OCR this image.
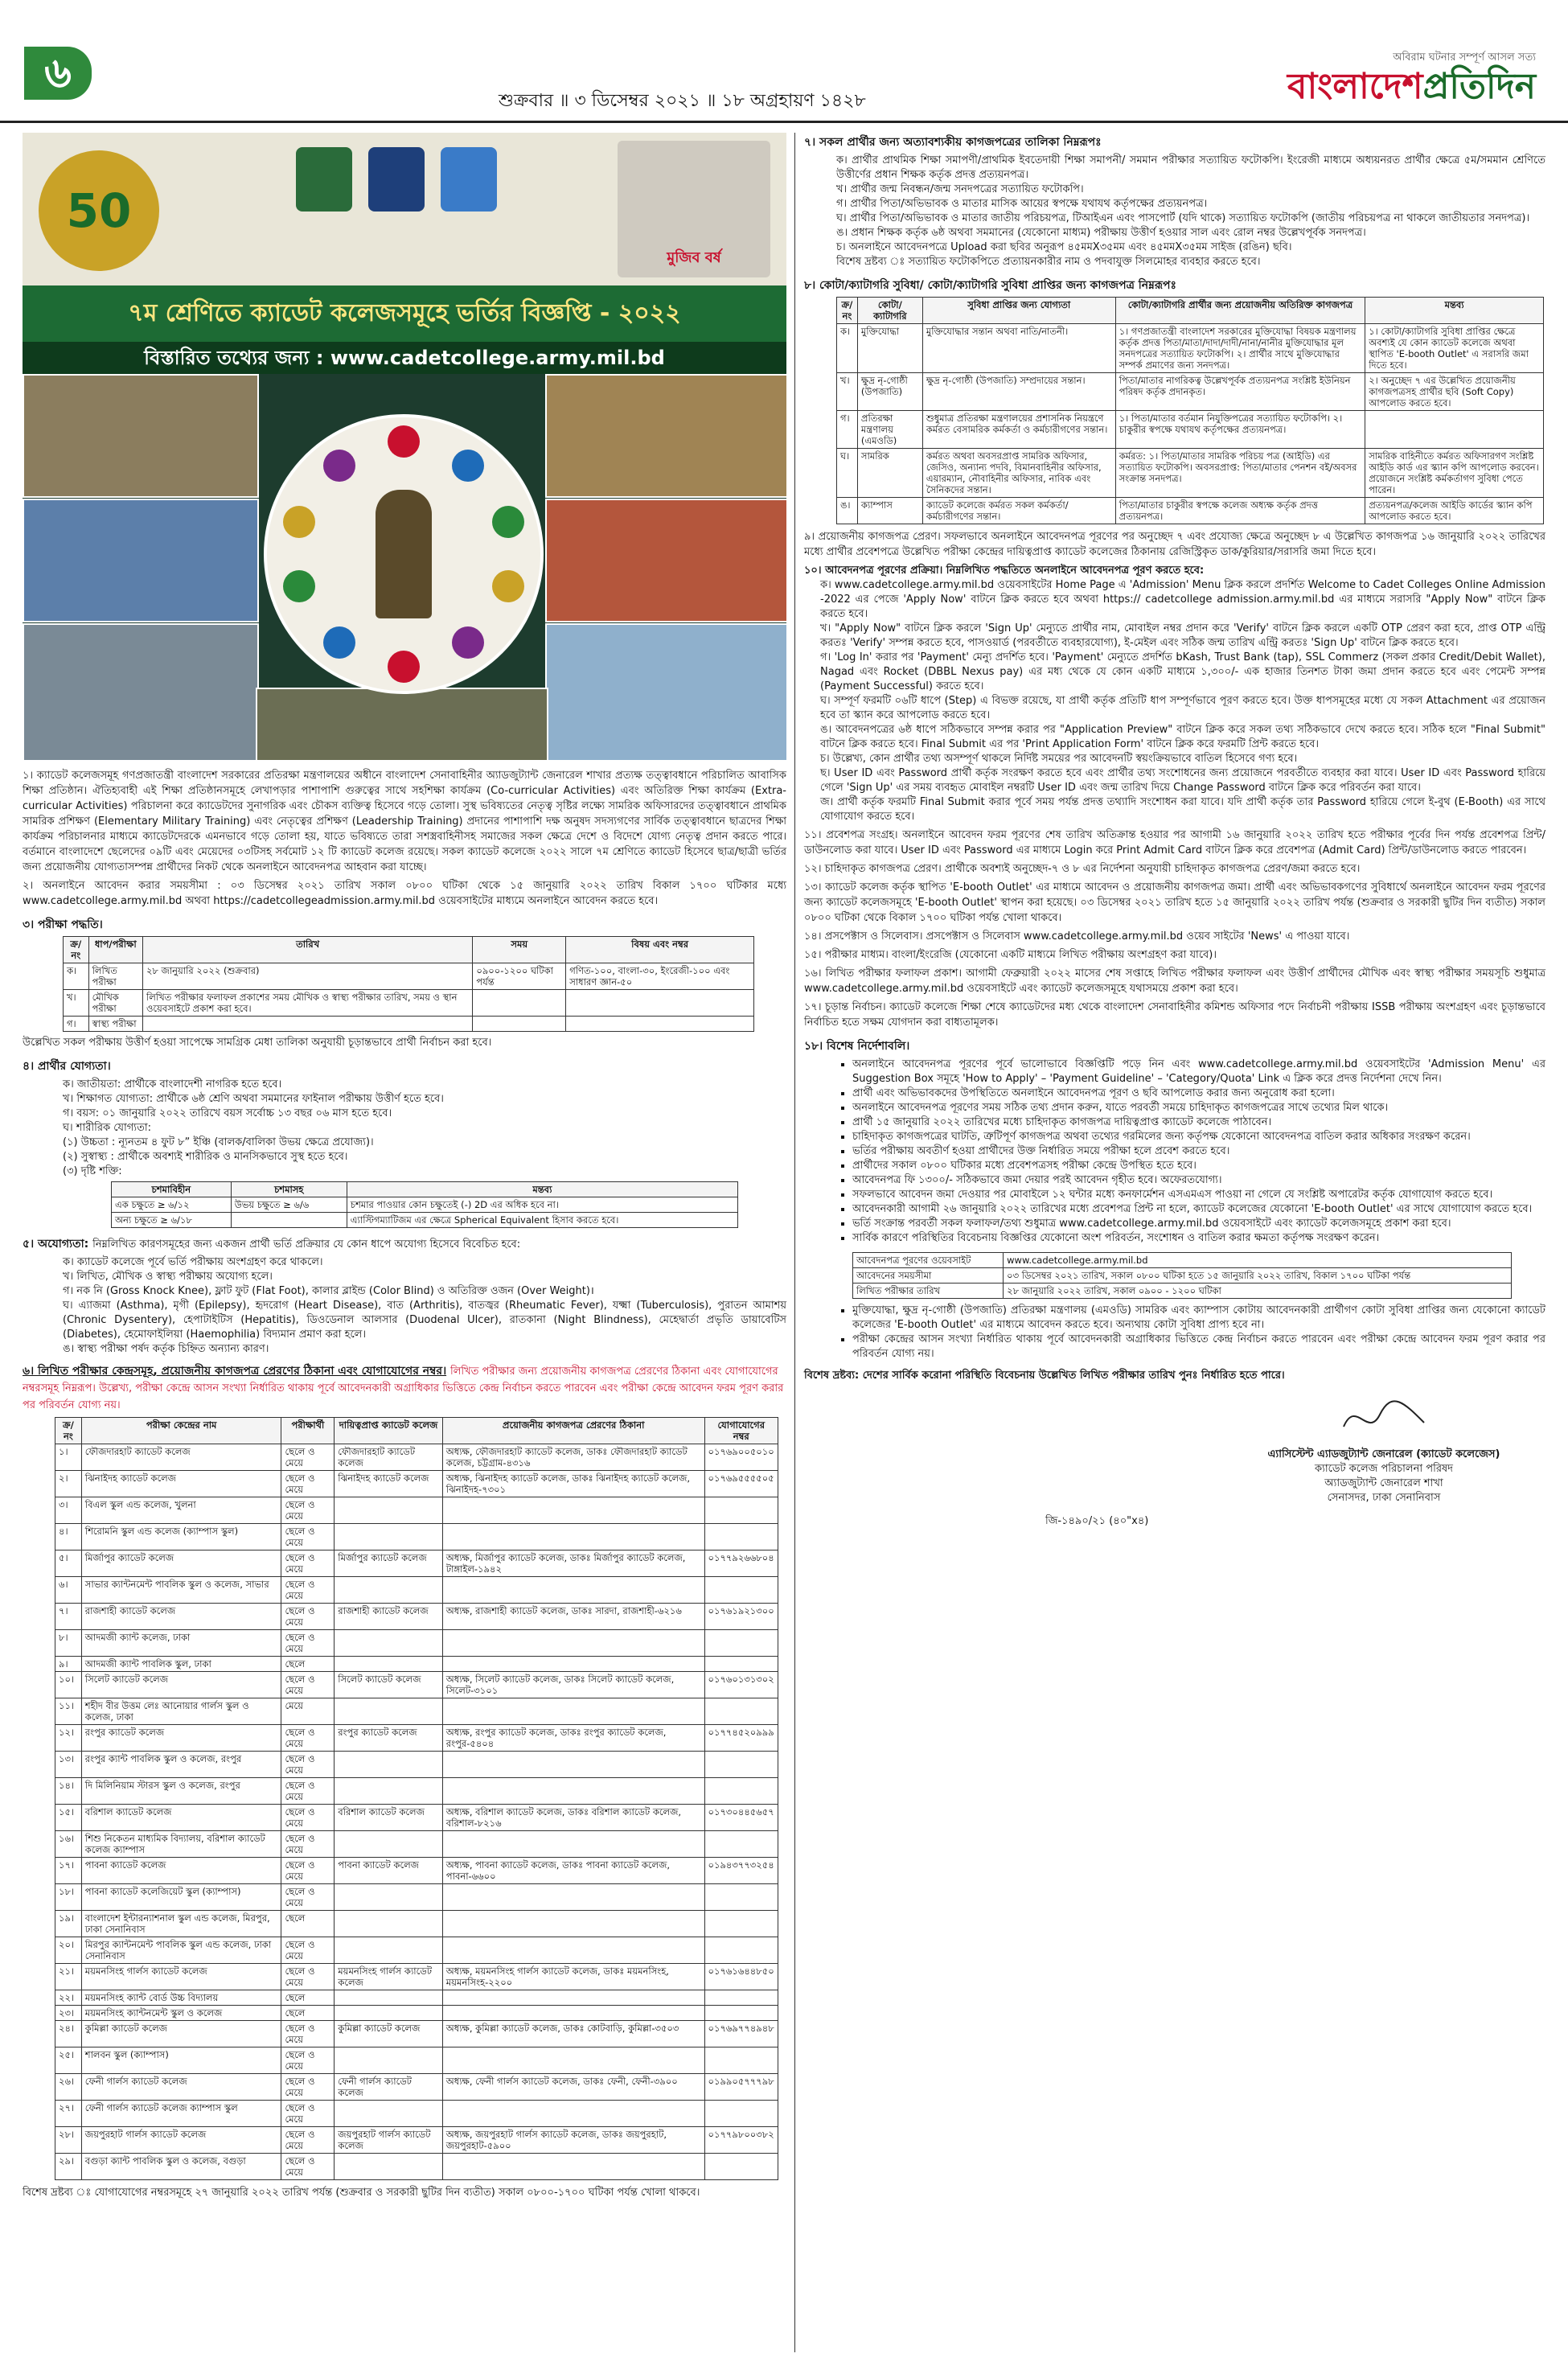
৬
শুক্রবার ॥ ৩ ডিসেম্বর ২০২১ ॥ ১৮ অগ্রহায়ণ ১৪২৮
অবিরাম ঘটনার সম্পূর্ণ আসল সত্য
বাংলাদেশপ্রতিদিন
50
মুজিব বর্ষ
৭ম শ্রেণিতে ক্যাডেট কলেজসমূহে ভর্তির বিজ্ঞপ্তি - ২০২২
বিস্তারিত তথ্যের জন্য : www.cadetcollege.army.mil.bd

১। ক্যাডেট কলেজসমূহ গণপ্রজাতন্ত্রী বাংলাদেশ সরকারের প্রতিরক্ষা মন্ত্রণালয়ের অধীনে বাংলাদেশ সেনাবাহিনীর অ্যাডজুট্যান্ট জেনারেল শাখার প্রত্যক্ষ তত্ত্বাবধানে পরিচালিত আবাসিক শিক্ষা প্রতিষ্ঠান। ঐতিহ্যবাহী এই শিক্ষা প্রতিষ্ঠানসমূহে লেখাপড়ার পাশাপাশি গুরুত্বের সাথে সহশিক্ষা কার্যক্রম (Co-curricular Activities) এবং অতিরিক্ত শিক্ষা কার্যক্রম (Extra-curricular Activities) পরিচালনা করে ক্যাডেটদের সুনাগরিক এবং চৌকস ব্যক্তিত্ব হিসেবে গড়ে তোলা। সুস্থ ভবিষ্যতের নেতৃত্ব সৃষ্টির লক্ষ্যে সামরিক অফিসারদের তত্ত্বাবধানে প্রাথমিক সামরিক প্রশিক্ষণ (Elementary Military Training) এবং নেতৃত্বের প্রশিক্ষণ (Leadership Training) প্রদানের পাশাপাশি দক্ষ অনুষদ সদস্যগণের সার্বিক তত্ত্বাবধানে ছাত্রদের শিক্ষা কার্যক্রম পরিচালনার মাধ্যমে ক্যাডেটদেরকে এমনভাবে গড়ে তোলা হয়, যাতে ভবিষ্যতে তারা সশস্ত্রবাহিনীসহ সমাজের সকল ক্ষেত্রে দেশে ও বিদেশে যোগ্য নেতৃত্ব প্রদান করতে পারে। বর্তমানে বাংলাদেশে ছেলেদের ০৯টি এবং মেয়েদের ০৩টিসহ সর্বমোট ১২ টি ক্যাডেট কলেজ রয়েছে। সকল ক্যাডেট কলেজে ২০২২ সালে ৭ম শ্রেণিতে ক্যাডেট হিসেবে ছাত্র/ছাত্রী ভর্তির জন্য প্রয়োজনীয় যোগ্যতাসম্পন্ন প্রার্থীদের নিকট থেকে অনলাইনে আবেদনপত্র আহবান করা যাচ্ছে।

২। অনলাইনে আবেদন করার সময়সীমা : ০৩ ডিসেম্বর ২০২১ তারিখ সকাল ০৮০০ ঘটিকা থেকে ১৫ জানুয়ারি ২০২২ তারিখ বিকাল ১৭০০ ঘটিকার মধ্যে www.cadetcollege.army.mil.bd অথবা https://cadetcollegeadmission.army.mil.bd ওয়েবসাইটের মাধ্যমে অনলাইনে আবেদন করতে হবে।

৩। পরীক্ষা পদ্ধতি।
ক্র/নং	ধাপ/পরীক্ষা	তারিখ	সময়	বিষয় এবং নম্বর
ক।	লিখিত পরীক্ষা	২৮ জানুয়ারি ২০২২ (শুক্রবার)	০৯০০-১২০০ ঘটিকা পর্যন্ত	গণিত-১০০, বাংলা-৩০, ইংরেজী-১০০ এবং সাধারণ জ্ঞান-৫০
খ।	মৌখিক পরীক্ষা	লিখিত পরীক্ষার ফলাফল প্রকাশের সময় মৌখিক ও স্বাস্থ্য পরীক্ষার তারিখ, সময় ও স্থান ওয়েবসাইটে প্রকাশ করা হবে।		
গ।	স্বাস্থ্য পরীক্ষা			

উল্লেখিত সকল পরীক্ষায় উত্তীর্ণ হওয়া সাপেক্ষে সামগ্রিক মেধা তালিকা অনুযায়ী চূড়ান্তভাবে প্রার্থী নির্বাচন করা হবে।

৪। প্রার্থীর যোগ্যতা।
ক। জাতীয়তা: প্রার্থীকে বাংলাদেশী নাগরিক হতে হবে।
খ। শিক্ষাগত যোগ্যতা: প্রার্থীকে ৬ষ্ঠ শ্রেণি অথবা সমমানের ফাইনাল পরীক্ষায় উত্তীর্ণ হতে হবে।
গ। বয়স: ০১ জানুয়ারি ২০২২ তারিখে বয়স সর্বোচ্চ ১৩ বছর ০৬ মাস হতে হবে।
ঘ। শারীরিক যোগ্যতা:
(১) উচ্চতা : ন্যূনতম ৪ ফুট ৮ˮ ইঞ্চি (বালক/বালিকা উভয় ক্ষেত্রে প্রযোজ্য)।
(২) সুস্বাস্থ্য : প্রার্থীকে অবশ্যই শারীরিক ও মানসিকভাবে সুস্থ হতে হবে।
(৩) দৃষ্টি শক্তি:
চশমাবিহীন	চশমাসহ	মন্তব্য
এক চক্ষুতে ≥ ৬/১২	উভয় চক্ষুতে ≥ ৬/৬	চশমার পাওয়ার কোন চক্ষুতেই (-) 2D এর অধিক হবে না।
অন্য চক্ষুতে ≥ ৬/১৮		এ্যাস্টিগম্যাটিজম এর ক্ষেত্রে Spherical Equivalent হিসাব করতে হবে।
৫। অযোগ্যতা: নিম্নলিখিত কারণসমূহের জন্য একজন প্রার্থী ভর্তি প্রক্রিয়ার যে কোন ধাপে অযোগ্য হিসেবে বিবেচিত হবে:
ক। ক্যাডেট কলেজে পূর্বে ভর্তি পরীক্ষায় অংশগ্রহণ করে থাকলে।
খ। লিখিত, মৌখিক ও স্বাস্থ্য পরীক্ষায় অযোগ্য হলে।
গ। নক নি (Gross Knock Knee), ফ্লাট ফুট (Flat Foot), কালার ব্লাইন্ড (Color Blind) ও অতিরিক্ত ওজন (Over Weight)।
ঘ। এ্যাজমা (Asthma), মৃগী (Epilepsy), হৃদরোগ (Heart Disease), বাত (Arthritis), বাতজ্বর (Rheumatic Fever), যক্ষ্মা (Tuberculosis), পুরাতন আমাশয় (Chronic Dysentery), হেপাটাইটিস (Hepatitis), ডিওডেনাল আলসার (Duodenal Ulcer), রাতকানা (Night Blindness), মেহেদ্বার্তা প্রভৃতি ডায়াবেটিস (Diabetes), হেমোফাইলিয়া (Haemophilia) বিদ্যমান প্রমাণ করা হলে।
ঙ। স্বাস্থ্য পরীক্ষা পর্ষদ কর্তৃক চিহ্নিত অন্যান্য কারণ।
৬। লিখিত পরীক্ষার কেন্দ্রসমূহ, প্রয়োজনীয় কাগজপত্র প্রেরণের ঠিকানা এবং যোগাযোগের নম্বর। লিখিত পরীক্ষার জন্য প্রয়োজনীয় কাগজপত্র প্রেরণের ঠিকানা এবং যোগাযোগের নম্বরসমূহ নিম্নরূপ। উল্লেখ্য, পরীক্ষা কেন্দ্রে আসন সংখ্যা নির্ধারিত থাকায় পূর্বে আবেদনকারী অগ্রাধিকার ভিত্তিতে কেন্দ্র নির্বাচন করতে পারবেন এবং পরীক্ষা কেন্দ্রে আবেদন ফরম পূরণ করার পর পরিবর্তন যোগ্য নয়।
ক্র/নং	পরীক্ষা কেন্দ্রের নাম	পরীক্ষার্থী	দায়িত্বপ্রাপ্ত ক্যাডেট কলেজ	প্রয়োজনীয় কাগজপত্র প্রেরণের ঠিকানা	যোগাযোগের নম্বর
১।	ফৌজদারহাট ক্যাডেট কলেজ	ছেলে ও মেয়ে	ফৌজদারহাট ক্যাডেট কলেজ	অধ্যক্ষ, ফৌজদারহাট ক্যাডেট কলেজ, ডাকঃ ফৌজদারহাট ক্যাডেট কলেজ, চট্টগ্রাম-৪৩১৬	০১৭৬৯০০৫০১০
২।	ঝিনাইদহ ক্যাডেট কলেজ	ছেলে ও মেয়ে	ঝিনাইদহ ক্যাডেট কলেজ	অধ্যক্ষ, ঝিনাইদহ ক্যাডেট কলেজ, ডাকঃ ঝিনাইদহ ক্যাডেট কলেজ, ঝিনাইদহ-৭৩০১	০১৭৬৯৫৫৫৫০৫
৩।	বিএল স্কুল এন্ড কলেজ, খুলনা	ছেলে ও মেয়ে			
৪।	শিরোমনি স্কুল এন্ড কলেজ (ক্যাম্পাস স্কুল)	ছেলে ও মেয়ে			
৫।	মির্জাপুর ক্যাডেট কলেজ	ছেলে ও মেয়ে	মির্জাপুর ক্যাডেট কলেজ	অধ্যক্ষ, মির্জাপুর ক্যাডেট কলেজ, ডাকঃ মির্জাপুর ক্যাডেট কলেজ, টাঙ্গাইল-১৯৪২	০১৭৭৯২৬৬৮০৪
৬।	সাভার ক্যান্টনমেন্ট পাবলিক স্কুল ও কলেজ, সাভার	ছেলে ও মেয়ে			
৭।	রাজশাহী ক্যাডেট কলেজ	ছেলে ও মেয়ে	রাজশাহী ক্যাডেট কলেজ	অধ্যক্ষ, রাজশাহী ক্যাডেট কলেজ, ডাকঃ সারদা, রাজশাহী-৬২১৬	০১৭৬১৯২১৩০০
৮।	আদমজী ক্যান্ট কলেজ, ঢাকা	ছেলে ও মেয়ে			
৯।	আদমজী ক্যান্ট পাবলিক স্কুল, ঢাকা	ছেলে			
১০।	সিলেট ক্যাডেট কলেজ	ছেলে ও মেয়ে	সিলেট ক্যাডেট কলেজ	অধ্যক্ষ, সিলেট ক্যাডেট কলেজ, ডাকঃ সিলেট ক্যাডেট কলেজ, সিলেট-৩১০১	০১৭৬০১৩১৩০২
১১।	শহীদ বীর উত্তম লেঃ আনোয়ার গার্লস স্কুল ও কলেজ, ঢাকা	মেয়ে			
১২।	রংপুর ক্যাডেট কলেজ	ছেলে ও মেয়ে	রংপুর ক্যাডেট কলেজ	অধ্যক্ষ, রংপুর ক্যাডেট কলেজ, ডাকঃ রংপুর ক্যাডেট কলেজ, রংপুর-৫৪০৪	০১৭৭৪৫২০৯৯৯
১৩।	রংপুর ক্যান্ট পাবলিক স্কুল ও কলেজ, রংপুর	ছেলে ও মেয়ে			
১৪।	দি মিলিনিয়াম স্টারস স্কুল ও কলেজ, রংপুর	ছেলে ও মেয়ে			
১৫।	বরিশাল ক্যাডেট কলেজ	ছেলে ও মেয়ে	বরিশাল ক্যাডেট কলেজ	অধ্যক্ষ, বরিশাল ক্যাডেট কলেজ, ডাকঃ বরিশাল ক্যাডেট কলেজ, বরিশাল-৮২১৬	০১৭৩০৪৪৫৬৫৭
১৬।	শিশু নিকেতন মাধ্যমিক বিদ্যালয়, বরিশাল ক্যাডেট কলেজ ক্যাম্পাস	ছেলে ও মেয়ে			
১৭।	পাবনা ক্যাডেট কলেজ	ছেলে ও মেয়ে	পাবনা ক্যাডেট কলেজ	অধ্যক্ষ, পাবনা ক্যাডেট কলেজ, ডাকঃ পাবনা ক্যাডেট কলেজ, পাবনা-৬৬০০	০১৯৪৩৭৭৩২৫৪
১৮।	পাবনা ক্যাডেট কলেজিয়েট স্কুল (ক্যাম্পাস)	ছেলে ও মেয়ে			
১৯।	বাংলাদেশ ইন্টারন্যাশনাল স্কুল এন্ড কলেজ, মিরপুর, ঢাকা সেনানিবাস	ছেলে			
২০।	মিরপুর ক্যান্টনমেন্ট পাবলিক স্কুল এন্ড কলেজ, ঢাকা সেনানিবাস	ছেলে ও মেয়ে			
২১।	ময়মনসিংহ গার্লস ক্যাডেট কলেজ	ছেলে ও মেয়ে	ময়মনসিংহ গার্লস ক্যাডেট কলেজ	অধ্যক্ষ, ময়মনসিংহ গার্লস ক্যাডেট কলেজ, ডাকঃ ময়মনসিংহ, ময়মনসিংহ-২২০০	০১৭৬১৬৪৪৮৫০
২২।	ময়মনসিংহ ক্যান্ট বোর্ড উচ্চ বিদ্যালয়	ছেলে			
২৩।	ময়মনসিংহ ক্যান্টনমেন্ট স্কুল ও কলেজ	ছেলে			
২৪।	কুমিল্লা ক্যাডেট কলেজ	ছেলে ও মেয়ে	কুমিল্লা ক্যাডেট কলেজ	অধ্যক্ষ, কুমিল্লা ক্যাডেট কলেজ, ডাকঃ কোটবাড়ি, কুমিল্লা-৩৫০৩	০১৭৬৯৭৭৪৯৪৮
২৫।	শালবন স্কুল (ক্যাম্পাস)	ছেলে ও মেয়ে			
২৬।	ফেনী গার্লস ক্যাডেট কলেজ	ছেলে ও মেয়ে	ফেনী গার্লস ক্যাডেট কলেজ	অধ্যক্ষ, ফেনী গার্লস ক্যাডেট কলেজ, ডাকঃ ফেনী, ফেনী-৩৯০০	০১৯৯০৫৭৭৭৯৮
২৭।	ফেনী গার্লস ক্যাডেট কলেজ ক্যাম্পাস স্কুল	ছেলে ও মেয়ে			
২৮।	জয়পুরহাট গার্লস ক্যাডেট কলেজ	ছেলে ও মেয়ে	জয়পুরহাট গার্লস ক্যাডেট কলেজ	অধ্যক্ষ, জয়পুরহাট গার্লস ক্যাডেট কলেজ, ডাকঃ জয়পুরহাট, জয়পুরহাট-৫৯০০	০১৭৭৯৮০০৩৮২
২৯।	বগুড়া ক্যান্ট পাবলিক স্কুল ও কলেজ, বগুড়া	ছেলে ও মেয়ে			

বিশেষ দ্রষ্টব্য ঃ যোগাযোগের নম্বরসমূহে ২৭ জানুয়ারি ২০২২ তারিখ পর্যন্ত (শুক্রবার ও সরকারী ছুটির দিন ব্যতীত) সকাল ০৮০০-১৭০০ ঘটিকা পর্যন্ত খোলা থাকবে।

৭। সকল প্রার্থীর জন্য অত্যাবশ্যকীয় কাগজপত্রের তালিকা নিম্নরূপঃ
ক। প্রার্থীর প্রাথমিক শিক্ষা সমাপণী/প্রাথমিক ইবতেদায়ী শিক্ষা সমাপনী/ সমমান পরীক্ষার সত্যায়িত ফটোকপি। ইংরেজী মাধ্যমে অধ্যয়নরত প্রার্থীর ক্ষেত্রে ৫ম/সমমান শ্রেণিতে উত্তীর্ণের প্রধান শিক্ষক কর্তৃক প্রদত্ত প্রত্যয়নপত্র।
খ। প্রার্থীর জন্ম নিবন্ধন/জন্ম সনদপত্রের সত্যায়িত ফটোকপি।
গ। প্রার্থীর পিতা/অভিভাবক ও মাতার মাসিক আয়ের স্বপক্ষে যথাযথ কর্তৃপক্ষের প্রত্যয়নপত্র।
ঘ। প্রার্থীর পিতা/অভিভাবক ও মাতার জাতীয় পরিচয়পত্র, টিআইএন এবং পাসপোর্ট (যদি থাকে) সত্যায়িত ফটোকপি (জাতীয় পরিচয়পত্র না থাকলে জাতীয়তার সনদপত্র)।
ঙ। প্রধান শিক্ষক কর্তৃক ৬ষ্ঠ অথবা সমমানের (যেকোনো মাধ্যম) পরীক্ষায় উত্তীর্ণ হওয়ার সাল এবং রোল নম্বর উল্লেখপূর্বক সনদপত্র।
চ। অনলাইনে আবেদনপত্রে Upload করা ছবির অনুরূপ ৪৫মমX৩৫মম এবং ৪৫মমX৩৫মম সাইজ (রঙিন) ছবি।
বিশেষ দ্রষ্টব্য ঃ সত্যায়িত ফটোকপিতে প্রত্যায়নকারীর নাম ও পদবাযুক্ত সিলমোহর ব্যবহার করতে হবে।
৮। কোটা/ক্যাটাগরি সুবিধা/ কোটা/ক্যাটাগরি সুবিধা প্রাপ্তির জন্য কাগজপত্র নিম্নরূপঃ
ক্র/নং	কোটা/ ক্যাটাগরি	সুবিধা প্রাপ্তির জন্য যোগ্যতা	কোটা/ক্যাটাগরি প্রার্থীর জন্য প্রয়োজনীয় অতিরিক্ত কাগজপত্র	মন্তব্য
ক।	মুক্তিযোদ্ধা	মুক্তিযোদ্ধার সন্তান অথবা নাতি/নাতনী।	১। গণপ্রজাতন্ত্রী বাংলাদেশ সরকারের মুক্তিযোদ্ধা বিষয়ক মন্ত্রণালয় কর্তৃক প্রদত্ত পিতা/মাতা/দাদা/দাদী/নানা/নানীর মুক্তিযোদ্ধার মূল সনদপত্রের সত্যায়িত ফটোকপি। ২। প্রার্থীর সাথে মুক্তিযোদ্ধার সম্পর্ক প্রমাণের জন্য সনদপত্র।	১। কোটা/ক্যাটাগরি সুবিধা প্রাপ্তির ক্ষেত্রে অবশ্যই যে কোন ক্যাডেট কলেজে অথবা স্থাপিত 'E-booth Outlet' এ সরাসরি জমা দিতে হবে।
খ।	ক্ষুদ্র নৃ-গোষ্ঠী (উপজাতি)	ক্ষুদ্র নৃ-গোষ্ঠী (উপজাতি) সম্প্রদায়ের সন্তান।	পিতা/মাতার নাগরিকত্ব উল্লেখপূর্বক প্রত্যয়নপত্র সংশ্লিষ্ট ইউনিয়ন পরিষদ কর্তৃক প্রদানকৃত।	২। অনুচ্ছেদ ৭ এর উল্লেখিত প্রয়োজনীয় কাগজপত্রসহ প্রার্থীর ছবি (Soft Copy) আপলোড করতে হবে।
গ।	প্রতিরক্ষা মন্ত্রণালয় (এমওডি)	শুধুমাত্র প্রতিরক্ষা মন্ত্রণালয়ের প্রশাসনিক নিয়ন্ত্রণে কর্মরত বেসামরিক কর্মকর্তা ও কর্মচারীগণের সন্তান।	১। পিতা/মাতার বর্তমান নিযুক্তিপত্রের সত্যায়িত ফটোকপি। ২। চাকুরীর স্বপক্ষে যথাযথ কর্তৃপক্ষের প্রত্যয়নপত্র।	
ঘ।	সামরিক	কর্মরত অথবা অবসরপ্রাপ্ত সামরিক অফিসার, জেসিও, অন্যান্য পদবি, বিমানবাহিনীর অফিসার, এয়ারম্যান, নৌবাহিনীর অফিসার, নাবিক এবং সৈনিকদের সন্তান।	কর্মরত: ১। পিতা/মাতার সামরিক পরিচয় পত্র (আইডি) এর সত্যায়িত ফটোকপি। অবসরপ্রাপ্ত: পিতা/মাতার পেনশন বই/অবসর সংক্রান্ত সনদপত্র।	সামরিক বাহিনীতে কর্মরত অফিসারগণ সংশ্লিষ্ট আইডি কার্ড এর স্ক্যান কপি আপলোড করবেন। প্রয়োজনে সংশ্লিষ্ট কর্মকর্তাগণ সুবিধা পেতে পারেন।
ঙ।	ক্যাম্পাস	ক্যাডেট কলেজে কর্মরত সকল কর্মকর্তা/কর্মচারীগণের সন্তান।	পিতা/মাতার চাকুরীর স্বপক্ষে কলেজ অধ্যক্ষ কর্তৃক প্রদত্ত প্রত্যয়নপত্র।	প্রত্যয়নপত্র/কলেজ আইডি কার্ডের স্ক্যান কপি আপলোড করতে হবে।

৯। প্রয়োজনীয় কাগজপত্র প্রেরণ। সফলভাবে অনলাইনে আবেদনপত্র পূরণের পর অনুচ্ছেদ ৭ এবং প্রযোজ্য ক্ষেত্রে অনুচ্ছেদ ৮ এ উল্লেখিত কাগজপত্র ১৬ জানুয়ারি ২০২২ তারিখের মধ্যে প্রার্থীর প্রবেশপত্রে উল্লেখিত পরীক্ষা কেন্দ্রের দায়িত্বপ্রাপ্ত ক্যাডেট কলেজের ঠিকানায় রেজিস্ট্রিকৃত ডাক/কুরিয়ার/সরাসরি জমা দিতে হবে।

১০। আবেদনপত্র পূরণের প্রক্রিয়া। নিম্নলিখিত পদ্ধতিতে অনলাইনে আবেদনপত্র পূরণ করতে হবে:

ক। www.cadetcollege.army.mil.bd ওয়েবসাইটের Home Page এ 'Admission' Menu ক্লিক করলে প্রদর্শিত Welcome to Cadet Colleges Online Admission -2022 এর পেজে 'Apply Now' বাটনে ক্লিক করতে হবে অথবা https:// cadetcollege admission.army.mil.bd এর মাধ্যমে সরাসরি "Apply Now" বাটনে ক্লিক করতে হবে।
খ। "Apply Now" বাটনে ক্লিক করলে 'Sign Up' মেন্যুতে প্রার্থীর নাম, মোবাইল নম্বর প্রদান করে 'Verify' বাটনে ক্লিক করলে একটি OTP প্রেরণ করা হবে, প্রাপ্ত OTP এন্ট্রি করতঃ 'Verify' সম্পন্ন করতে হবে, পাসওয়ার্ড (পরবর্তীতে ব্যবহারযোগ্য), ই-মেইল এবং সঠিক জন্ম তারিখ এন্ট্রি করতঃ 'Sign Up' বাটনে ক্লিক করতে হবে।
গ। 'Log In' করার পর 'Payment' মেন্যু প্রদর্শিত হবে। 'Payment' মেন্যুতে প্রদর্শিত bKash, Trust Bank (tap), SSL Commerz (সকল প্রকার Credit/Debit Wallet), Nagad এবং Rocket (DBBL Nexus pay) এর মধ্য থেকে যে কোন একটি মাধ্যমে ১,৩০০/- এক হাজার তিনশত টাকা জমা প্রদান করতে হবে এবং পেমেন্ট সম্পন্ন (Payment Successful) করতে হবে।
ঘ। সম্পূর্ণ ফরমটি ০৬টি ধাপে (Step) এ বিভক্ত রয়েছে, যা প্রার্থী কর্তৃক প্রতিটি ধাপ সম্পূর্ণভাবে পূরণ করতে হবে। উক্ত ধাপসমূহের মধ্যে যে সকল Attachment এর প্রয়োজন হবে তা স্ক্যান করে আপলোড করতে হবে।
ঙ। আবেদনপত্রের ৬ষ্ঠ ধাপে সঠিকভাবে সম্পন্ন করার পর "Application Preview" বাটনে ক্লিক করে সকল তথ্য সঠিকভাবে দেখে করতে হবে। সঠিক হলে "Final Submit" বাটনে ক্লিক করতে হবে। Final Submit এর পর 'Print Application Form' বাটনে ক্লিক করে ফরমটি প্রিন্ট করতে হবে।
চ। উল্লেখ্য, কোন প্রার্থীর তথ্য অসম্পূর্ণ থাকলে নির্দিষ্ট সময়ের পর আবেদনটি স্বয়ংক্রিয়ভাবে বাতিল হিসেবে গণ্য হবে।
ছ। User ID এবং Password প্রার্থী কর্তৃক সংরক্ষণ করতে হবে এবং প্রার্থীর তথ্য সংশোধনের জন্য প্রয়োজনে পরবর্তীতে ব্যবহার করা যাবে। User ID এবং Password হারিয়ে গেলে 'Sign Up' এর সময় ব্যবহৃত মোবাইল নম্বরটি User ID এবং জন্ম তারিখ দিয়ে Change Password বাটনে ক্লিক করে পরিবর্তন করা যাবে।
জ। প্রার্থী কর্তৃক ফরমটি Final Submit করার পূর্বে সময় পর্যন্ত প্রদত্ত তথ্যাদি সংশোধন করা যাবে। যদি প্রার্থী কর্তৃক তার Password হারিয়ে গেলে ই-বুথ (E-Booth) এর সাথে যোগাযোগ করতে হবে।

১১। প্রবেশপত্র সংগ্রহ। অনলাইনে আবেদন ফরম পূরণের শেষ তারিখ অতিক্রান্ত হওয়ার পর আগামী ১৬ জানুয়ারি ২০২২ তারিখ হতে পরীক্ষার পূর্বের দিন পর্যন্ত প্রবেশপত্র প্রিন্ট/ডাউনলোড করা যাবে। User ID এবং Password এর মাধ্যমে Login করে Print Admit Card বাটনে ক্লিক করে প্রবেশপত্র (Admit Card) প্রিন্ট/ডাউনলোড করতে পারবেন।

১২। চাহিদাকৃত কাগজপত্র প্রেরণ। প্রার্থীকে অবশ্যই অনুচ্ছেদ-৭ ও ৮ এর নির্দেশনা অনুযায়ী চাহিদাকৃত কাগজপত্র প্রেরণ/জমা করতে হবে।

১৩। ক্যাডেট কলেজ কর্তৃক স্থাপিত 'E-booth Outlet' এর মাধ্যমে আবেদন ও প্রয়োজনীয় কাগজপত্র জমা। প্রার্থী এবং অভিভাবকগণের সুবিধার্থে অনলাইনে আবেদন ফরম পূরণের জন্য ক্যাডেট কলেজসমূহে 'E-booth Outlet' স্থাপন করা হয়েছে। ০৩ ডিসেম্বর ২০২১ তারিখ হতে ১৫ জানুয়ারি ২০২২ তারিখ পর্যন্ত (শুক্রবার ও সরকারী ছুটির দিন ব্যতীত) সকাল ০৮০০ ঘটিকা থেকে বিকাল ১৭০০ ঘটিকা পর্যন্ত খোলা থাকবে।

১৪। প্রসপেক্টাস ও সিলেবাস। প্রসপেক্টাস ও সিলেবাস www.cadetcollege.army.mil.bd ওয়েব সাইটের 'News' এ পাওয়া যাবে।

১৫। পরীক্ষার মাধ্যম। বাংলা/ইংরেজি (যেকোনো একটি মাধ্যমে লিখিত পরীক্ষায় অংশগ্রহণ করা যাবে)।

১৬। লিখিত পরীক্ষার ফলাফল প্রকাশ। আগামী ফেব্রুয়ারী ২০২২ মাসের শেষ সপ্তাহে লিখিত পরীক্ষার ফলাফল এবং উত্তীর্ণ প্রার্থীদের মৌখিক এবং স্বাস্থ্য পরীক্ষার সময়সূচি শুধুমাত্র www.cadetcollege.army.mil.bd ওয়েবসাইটে এবং ক্যাডেট কলেজসমূহে যথাসময়ে প্রকাশ করা হবে।

১৭। চূড়ান্ত নির্বাচন। ক্যাডেট কলেজে শিক্ষা শেষে ক্যাডেটদের মধ্য থেকে বাংলাদেশ সেনাবাহিনীর কমিশন্ড অফিসার পদে নির্বাচনী পরীক্ষায় ISSB পরীক্ষায় অংশগ্রহণ এবং চূড়ান্তভাবে নির্বাচিত হতে সক্ষম যোগদান করা বাধ্যতামূলক।

১৮। বিশেষ নির্দেশাবলি।
▪ অনলাইনে আবেদনপত্র পূরণের পূর্বে ভালোভাবে বিজ্ঞপ্তিটি পড়ে নিন এবং www.cadetcollege.army.mil.bd ওয়েবসাইটের 'Admission Menu' এর Suggestion Box সমূহে 'How to Apply' – 'Payment Guideline' – 'Category/Quota' Link এ ক্লিক করে প্রদত্ত নির্দেশনা দেখে নিন।
▪ প্রার্থী এবং অভিভাবকদের উপস্থিতিতে অনলাইনে আবেদনপত্র পূরণ ও ছবি আপলোড করার জন্য অনুরোধ করা হলো।
▪ অনলাইনে আবেদনপত্র পূরণের সময় সঠিক তথ্য প্রদান করুন, যাতে পরবর্তী সময়ে চাহিদাকৃত কাগজপত্রের সাথে তথ্যের মিল থাকে।
▪ প্রার্থী ১৫ জানুয়ারি ২০২২ তারিখের মধ্যে চাহিদাকৃত কাগজপত্র দায়িত্বপ্রাপ্ত ক্যাডেট কলেজে পাঠাবেন।
▪ চাহিদাকৃত কাগজপত্রের ঘাটতি, ত্রুটিপূর্ণ কাগজপত্র অথবা তথ্যের গরমিলের জন্য কর্তৃপক্ষ যেকোনো আবেদনপত্র বাতিল করার অধিকার সংরক্ষণ করেন।
▪ ভর্তির পরীক্ষায় অবতীর্ণ হওয়া প্রার্থীদের উক্ত নির্ধারিত সময়ে পরীক্ষা হলে প্রবেশ করতে হবে।
▪ প্রার্থীদের সকাল ০৮০০ ঘটিকার মধ্যে প্রবেশপত্রসহ পরীক্ষা কেন্দ্রে উপস্থিত হতে হবে।
▪ আবেদনপত্র ফি ১৩০০/- সঠিকভাবে জমা দেয়ার পরই আবেদন গৃহীত হবে। অফেরতযোগ্য।
▪ সফলভাবে আবেদন জমা দেওয়ার পর মোবাইলে ১২ ঘন্টার মধ্যে কনফার্মেশন এসএমএস পাওয়া না গেলে যে সংশ্লিষ্ট অপারেটর কর্তৃক যোগাযোগ করতে হবে।
▪ আবেদনকারী আগামী ২৬ জানুয়ারি ২০২২ তারিখের মধ্যে প্রবেশপত্র প্রিন্ট না হলে, ক্যাডেট কলেজের যেকোনো 'E-booth Outlet' এর সাথে যোগাযোগ করতে হবে।
▪ ভর্তি সংক্রান্ত পরবর্তী সকল ফলাফল/তথ্য শুধুমাত্র www.cadetcollege.army.mil.bd ওয়েবসাইটে এবং ক্যাডেট কলেজসমূহে প্রকাশ করা হবে।
▪ সার্বিক কারণে পরিস্থিতির বিবেচনায় বিজ্ঞপ্তির যেকোনো অংশ পরিবর্তন, সংশোধন ও বাতিল করার ক্ষমতা কর্তৃপক্ষ সংরক্ষণ করেন।
আবেদনপত্র পূরণের ওয়েবসাইট	www.cadetcollege.army.mil.bd
আবেদনের সময়সীমা	০৩ ডিসেম্বর ২০২১ তারিখ, সকাল ০৮০০ ঘটিকা হতে ১৫ জানুয়ারি ২০২২ তারিখ, বিকাল ১৭০০ ঘটিকা পর্যন্ত
লিখিত পরীক্ষার তারিখ	২৮ জানুয়ারি ২০২২ তারিখ, সকাল ০৯০০ - ১২০০ ঘটিকা
▪ মুক্তিযোদ্ধা, ক্ষুদ্র নৃ-গোষ্ঠী (উপজাতি) প্রতিরক্ষা মন্ত্রণালয় (এমওডি) সামরিক এবং ক্যাম্পাস কোটায় আবেদনকারী প্রার্থীগণ কোটা সুবিধা প্রাপ্তির জন্য যেকোনো ক্যাডেট কলেজের 'E-booth Outlet' এর মাধ্যমে আবেদন করতে হবে। অন্যথায় কোটা সুবিধা প্রাপ্য হবে না।
▪ পরীক্ষা কেন্দ্রের আসন সংখ্যা নির্ধারিত থাকায় পূর্বে আবেদনকারী অগ্রাধিকার ভিত্তিতে কেন্দ্র নির্বাচন করতে পারবেন এবং পরীক্ষা কেন্দ্রে আবেদন ফরম পূরণ করার পর পরিবর্তন যোগ্য নয়।

বিশেষ দ্রষ্টব্য: দেশের সার্বিক করোনা পরিস্থিতি বিবেচনায় উল্লেখিত লিখিত পরীক্ষার তারিখ পুনঃ নির্ধারিত হতে পারে।

এ্যাসিস্টেন্ট এ্যাডজুট্যান্ট জেনারেল (ক্যাডেট কলেজেস)
ক্যাডেট কলেজ পরিচালনা পরিষদ
অ্যাডজুট্যান্ট জেনারেল শাখা
সেনাসদর, ঢাকা সেনানিবাস
জি-১৪৯০/২১ (৪০"x৪)
